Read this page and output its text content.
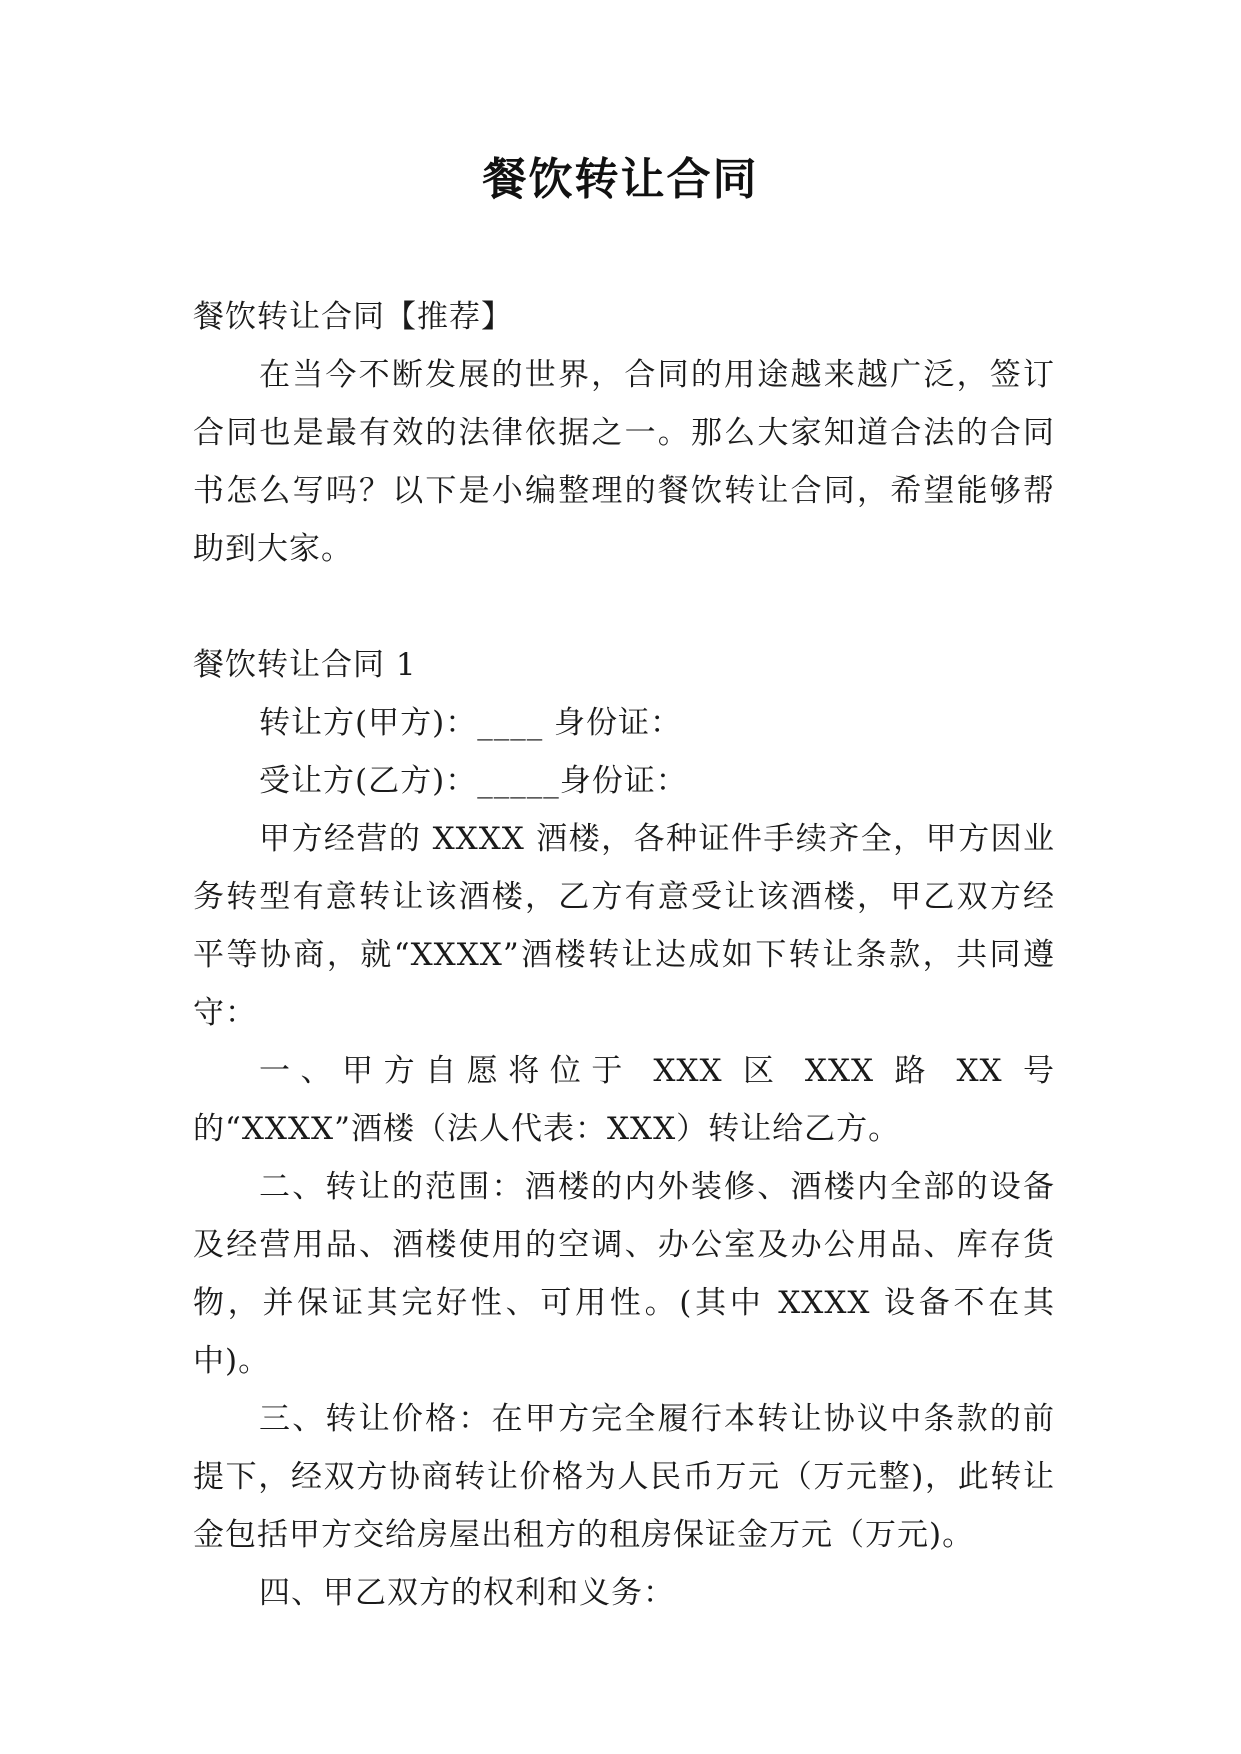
餐饮转让合同

餐饮转让合同【推荐】

在当今不断发展的世界，合同的用途越来越广泛，签订合同也是最有效的法律依据之一。那么大家知道合法的合同书怎么写吗？以下是小编整理的餐饮转让合同，希望能够帮助到大家。

餐饮转让合同 1

转让方(甲方)：____ 身份证：

受让方(乙方)：_____身份证：

甲方经营的 XXXX 酒楼，各种证件手续齐全，甲方因业务转型有意转让该酒楼，乙方有意受让该酒楼，甲乙双方经平等协商，就“XXXX”酒楼转让达成如下转让条款，共同遵守：

一、甲方自愿将位于 XXX 区 XXX 路 XX 号的“XXXX”酒楼（法人代表：XXX）转让给乙方。

二、转让的范围：酒楼的内外装修、酒楼内全部的设备及经营用品、酒楼使用的空调、办公室及办公用品、库存货物，并保证其完好性、可用性。(其中 XXXX 设备不在其中)。

三、转让价格：在甲方完全履行本转让协议中条款的前提下，经双方协商转让价格为人民币万元（万元整)，此转让金包括甲方交给房屋出租方的租房保证金万元（万元)。

四、甲乙双方的权利和义务：
